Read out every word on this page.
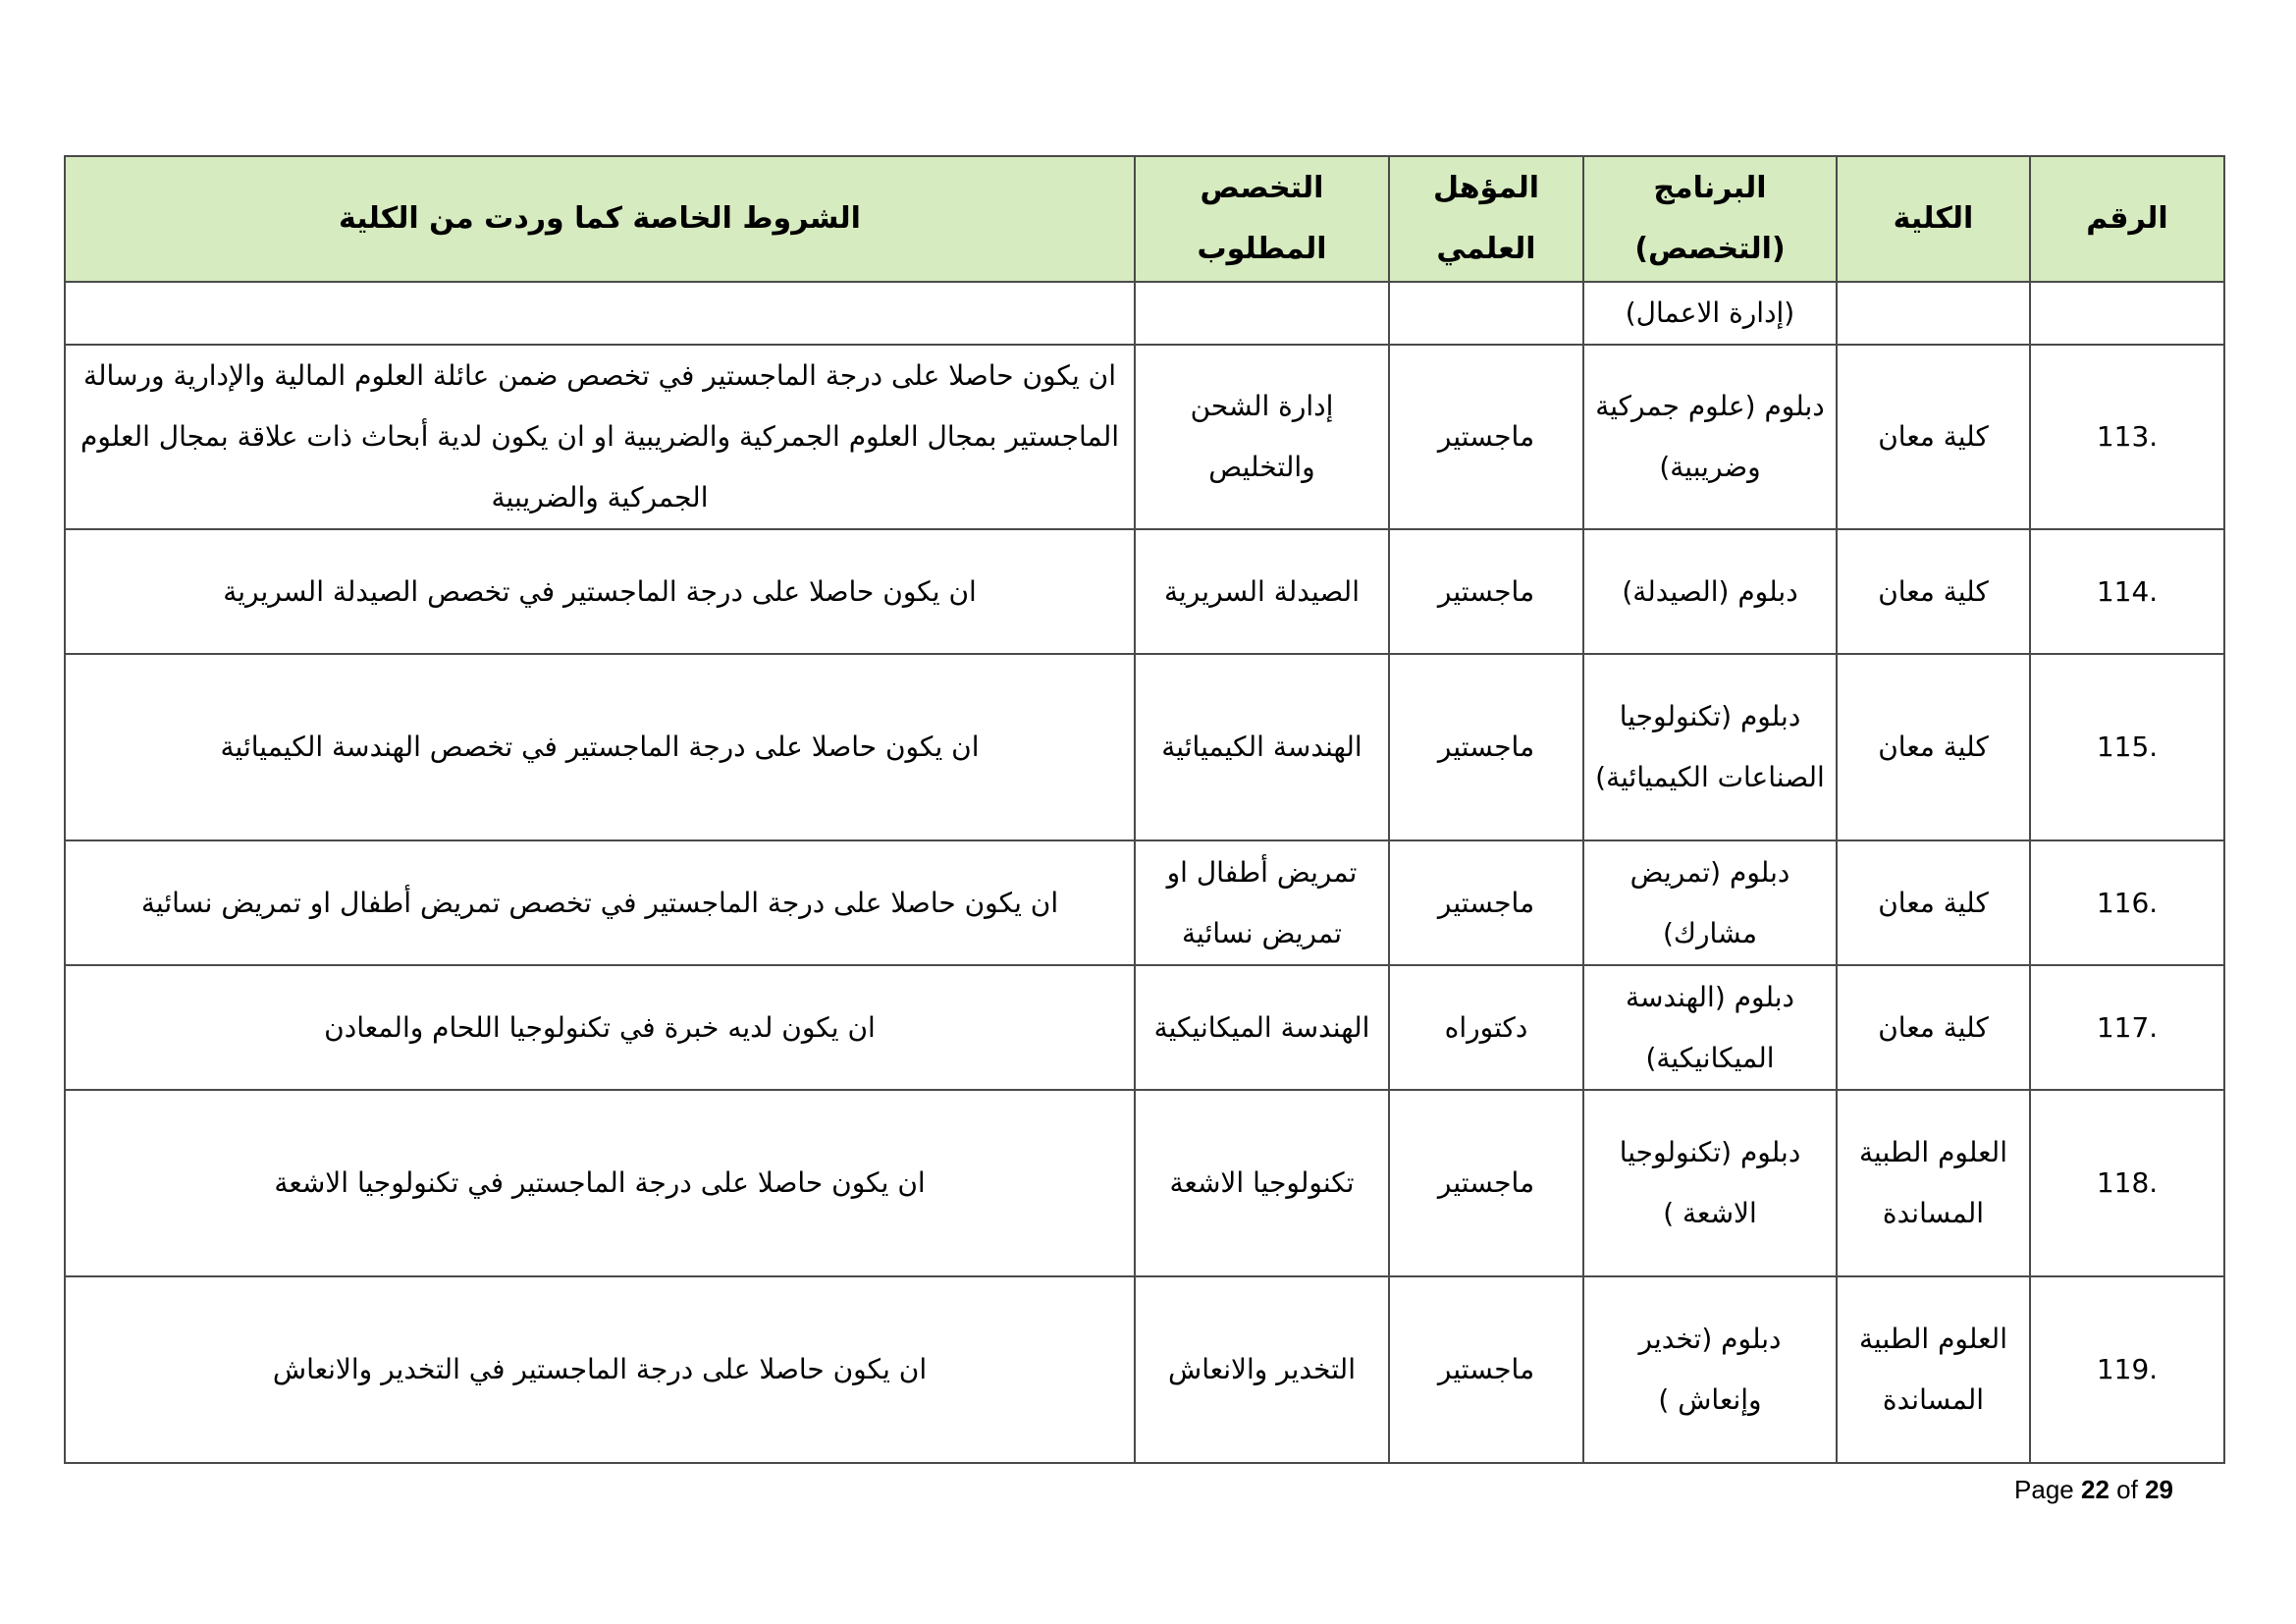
الرقم	الكلية	البرنامج (التخصص)	المؤهل العلمي	التخصص المطلوب	الشروط الخاصة كما وردت من الكلية
		(إدارة الاعمال)			
113.	كلية معان	دبلوم (علوم جمركية وضريبية)	ماجستير	إدارة الشحن والتخليص	ان يكون حاصلا على درجة الماجستير في تخصص ضمن عائلة العلوم المالية والإدارية ورسالة الماجستير بمجال العلوم الجمركية والضريبية او ان يكون لدية أبحاث ذات علاقة بمجال العلوم الجمركية والضريبية
114.	كلية معان	دبلوم (الصيدلة)	ماجستير	الصيدلة السريرية	ان يكون حاصلا على درجة الماجستير في تخصص الصيدلة السريرية
115.	كلية معان	دبلوم (تكنولوجيا الصناعات الكيميائية)	ماجستير	الهندسة الكيميائية	ان يكون حاصلا على درجة الماجستير في تخصص الهندسة الكيميائية
116.	كلية معان	دبلوم (تمريض مشارك)	ماجستير	تمريض أطفال او تمريض نسائية	ان يكون حاصلا على درجة الماجستير في تخصص تمريض أطفال او تمريض نسائية
117.	كلية معان	دبلوم (الهندسة الميكانيكية)	دكتوراه	الهندسة الميكانيكية	ان يكون لديه خبرة في تكنولوجيا اللحام والمعادن
118.	العلوم الطبية المساندة	دبلوم (تكنولوجيا الاشعة )	ماجستير	تكنولوجيا الاشعة	ان يكون حاصلا على درجة الماجستير في تكنولوجيا الاشعة
119.	العلوم الطبية المساندة	دبلوم (تخدير وإنعاش )	ماجستير	التخدير والانعاش	ان يكون حاصلا على درجة الماجستير في التخدير والانعاش
Page 22 of 29
